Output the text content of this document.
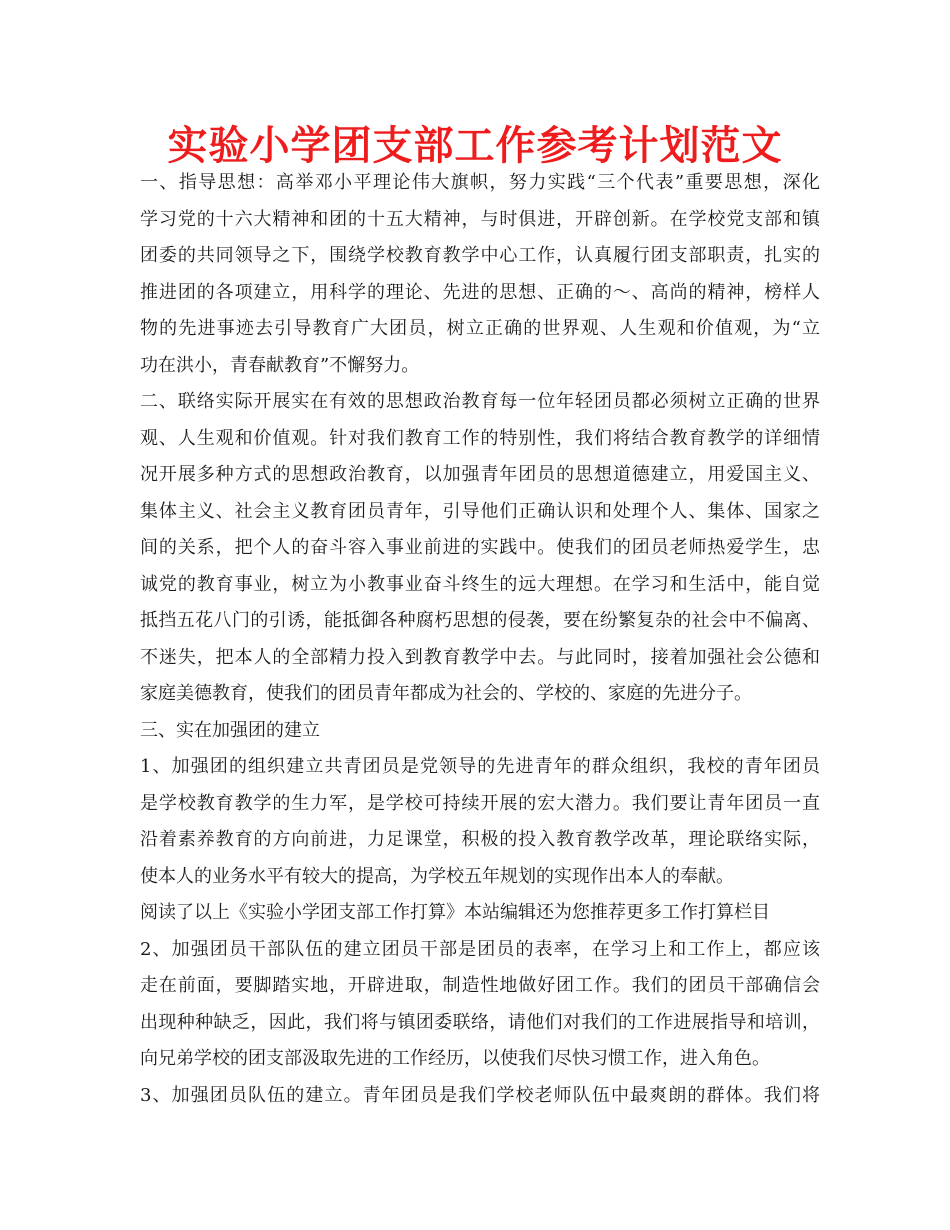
实验小学团支部工作参考计划范文
一、指导思想：高举邓小平理论伟大旗帜，努力实践“三个代表”重要思想，深化
学习党的十六大精神和团的十五大精神，与时俱进，开辟创新。在学校党支部和镇
团委的共同领导之下，围绕学校教育教学中心工作，认真履行团支部职责，扎实的
推进团的各项建立，用科学的理论、先进的思想、正确的～、高尚的精神，榜样人
物的先进事迹去引导教育广大团员，树立正确的世界观、人生观和价值观，为“立
功在洪小，青春献教育”不懈努力。
二、联络实际开展实在有效的思想政治教育每一位年轻团员都必须树立正确的世界
观、人生观和价值观。针对我们教育工作的特别性，我们将结合教育教学的详细情
况开展多种方式的思想政治教育，以加强青年团员的思想道德建立，用爱国主义、
集体主义、社会主义教育团员青年，引导他们正确认识和处理个人、集体、国家之
间的关系，把个人的奋斗容入事业前进的实践中。使我们的团员老师热爱学生，忠
诚党的教育事业，树立为小教事业奋斗终生的远大理想。在学习和生活中，能自觉
抵挡五花八门的引诱，能抵御各种腐朽思想的侵袭，要在纷繁复杂的社会中不偏离、
不迷失，把本人的全部精力投入到教育教学中去。与此同时，接着加强社会公德和
家庭美德教育，使我们的团员青年都成为社会的、学校的、家庭的先进分子。
三、实在加强团的建立
1、加强团的组织建立共青团员是党领导的先进青年的群众组织，我校的青年团员
是学校教育教学的生力军，是学校可持续开展的宏大潜力。我们要让青年团员一直
沿着素养教育的方向前进，力足课堂，积极的投入教育教学改革，理论联络实际，
使本人的业务水平有较大的提高，为学校五年规划的实现作出本人的奉献。
阅读了以上《实验小学团支部工作打算》本站编辑还为您推荐更多工作打算栏目
2、加强团员干部队伍的建立团员干部是团员的表率，在学习上和工作上，都应该
走在前面，要脚踏实地，开辟进取，制造性地做好团工作。我们的团员干部确信会
出现种种缺乏，因此，我们将与镇团委联络，请他们对我们的工作进展指导和培训，
向兄弟学校的团支部汲取先进的工作经历，以使我们尽快习惯工作，进入角色。
3、加强团员队伍的建立。青年团员是我们学校老师队伍中最爽朗的群体。我们将
